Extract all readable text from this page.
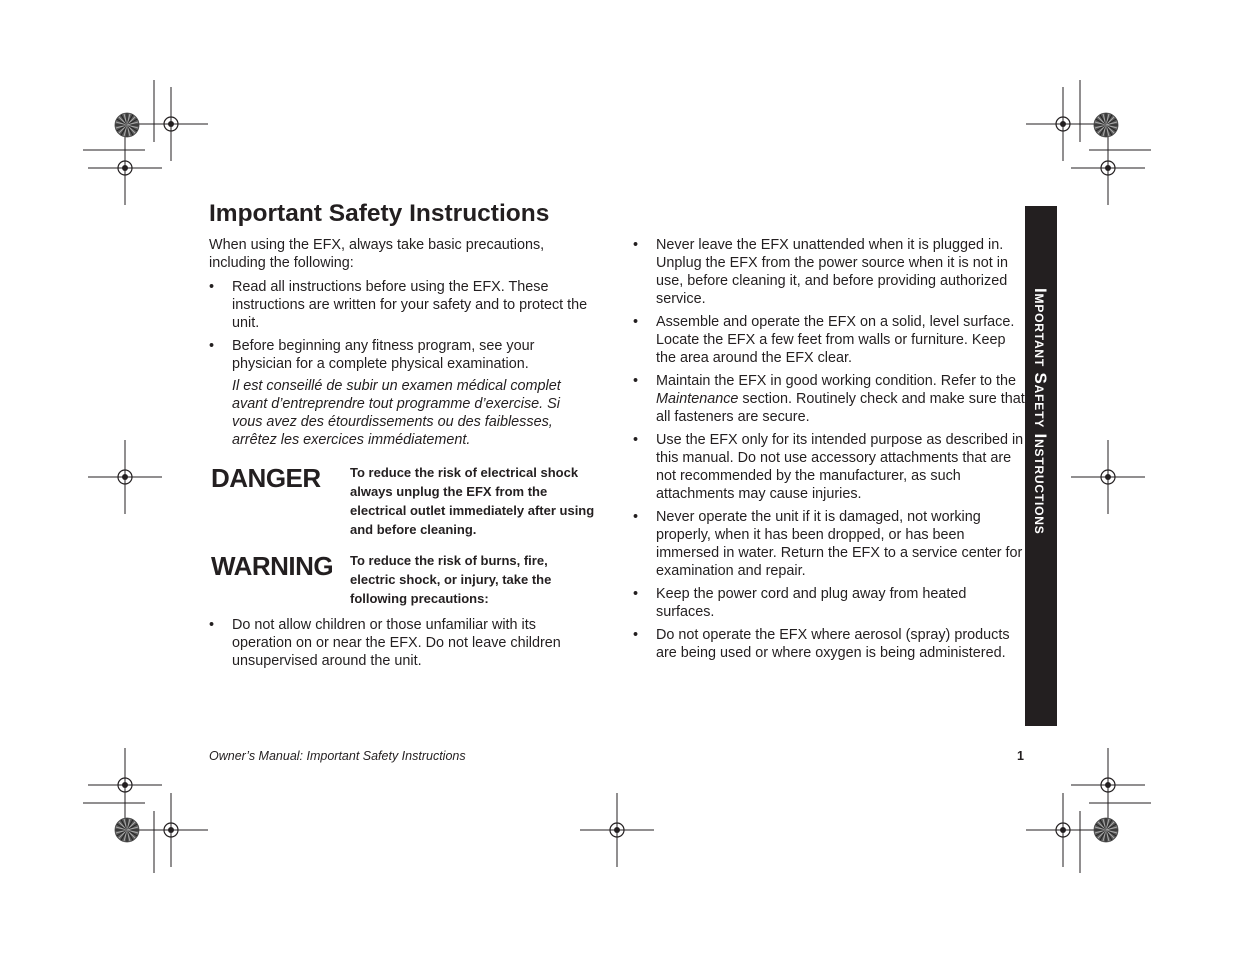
Important Safety Instructions

When using the EFX, always take basic precautions, including the following:

• Read all instructions before using the EFX. These instructions are written for your safety and to protect the unit.
• Before beginning any fitness program, see your physician for a complete physical examination.

Il est conseillé de subir un examen médical complet avant d’entreprendre tout programme d’exercise. Si vous avez des étourdissements ou des faiblesses, arrêtez les exercices immédiatement.

DANGER To reduce the risk of electrical shock always unplug the EFX from the electrical outlet immediately after using and before cleaning.
WARNING To reduce the risk of burns, fire, electric shock, or injury, take the following precautions:
• Do not allow children or those unfamiliar with its operation on or near the EFX. Do not leave children unsupervised around the unit.
• Never leave the EFX unattended when it is plugged in. Unplug the EFX from the power source when it is not in use, before cleaning it, and before providing authorized service.
• Assemble and operate the EFX on a solid, level surface. Locate the EFX a few feet from walls or furniture. Keep the area around the EFX clear.
• Maintain the EFX in good working condition. Refer to the Maintenance section. Routinely check and make sure that all fasteners are secure.
• Use the EFX only for its intended purpose as described in this manual. Do not use accessory attachments that are not recommended by the manufacturer, as such attachments may cause injuries.
• Never operate the unit if it is damaged, not working properly, when it has been dropped, or has been immersed in water. Return the EFX to a service center for examination and repair.
• Keep the power cord and plug away from heated surfaces.
• Do not operate the EFX where aerosol (spray) products are being used or where oxygen is being administered.
Important Safety Instructions
Owner’s Manual: Important Safety Instructions	1
